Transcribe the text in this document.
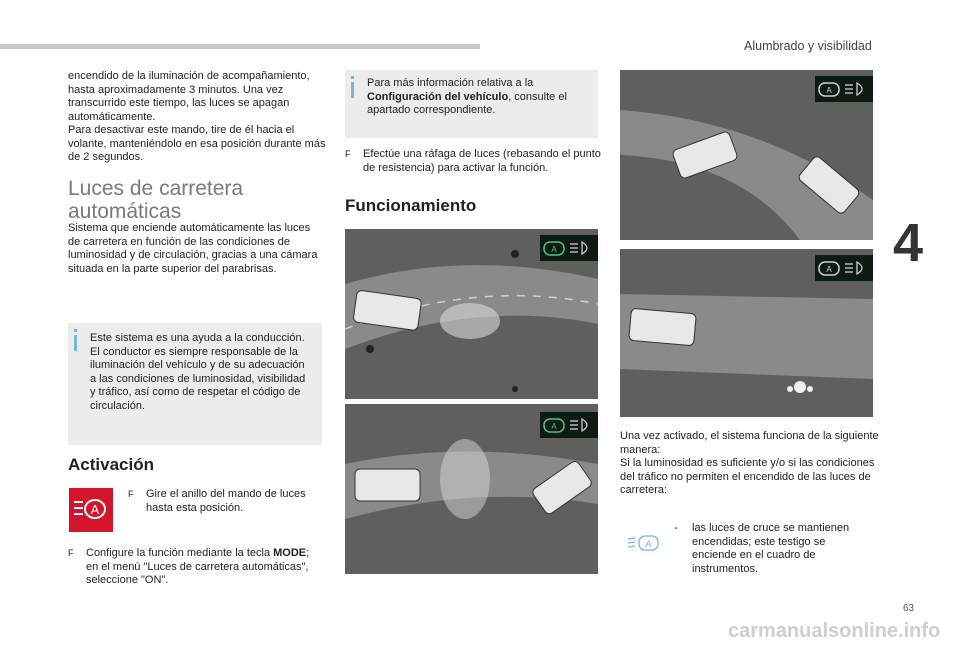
Alumbrado y visibilidad
4
63
carmanualsonline.info
encendido de la iluminación de acompañamiento,
hasta aproximadamente 3 minutos. Una vez
transcurrido este tiempo, las luces se apagan
automáticamente.
Para desactivar este mando, tire de él hacia el
volante, manteniéndolo en esa posición durante más
de 2 segundos.
Luces de carretera
automáticas
Sistema que enciende automáticamente las luces
de carretera en función de las condiciones de
luminosidad y de circulación, gracias a una cámara
situada en la parte superior del parabrisas.
Este sistema es una ayuda a la conducción.
El conductor es siempre responsable de la
iluminación del vehículo y de su adecuación
a las condiciones de luminosidad, visibilidad
y tráfico, así como de respetar el código de
circulación.
Activación
A
F	Gire el anillo del mando de luces
hasta esta posición.
F	Configure la función mediante la tecla MODE;
en el menú "Luces de carretera automáticas",
seleccione "ON".
Para más información relativa a la
Configuración del vehículo, consulte el
apartado correspondiente.
F	Efectúe una ráfaga de luces (rebasando el punto
de resistencia) para activar la función.
Funcionamiento
A
A
A
A
Una vez activado, el sistema funciona de la siguiente
manera:
Si la luminosidad es suficiente y/o si las condiciones
del tráfico no permiten el encendido de las luces de
carretera:
A
-	las luces de cruce se mantienen
encendidas; este testigo se
enciende en el cuadro de
instrumentos.
